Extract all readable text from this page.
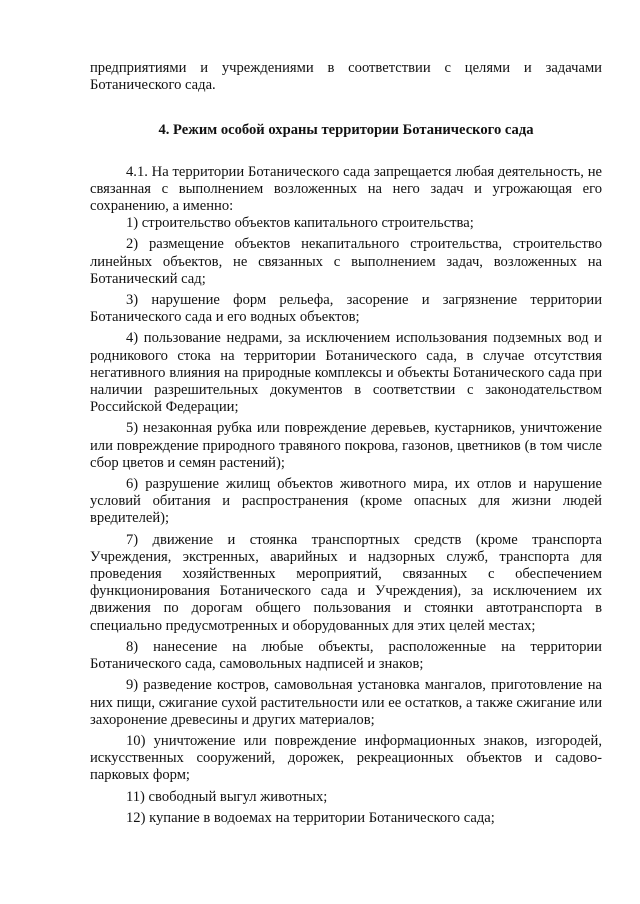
предприятиями и учреждениями в соответствии с целями и задачами Ботанического сада.

4. Режим особой охраны территории Ботанического сада

4.1. На территории Ботанического сада запрещается любая деятельность, не связанная с выполнением возложенных на него задач и угрожающая его сохранению, а именно:

1) строительство объектов капитального строительства;

2) размещение объектов некапитального строительства, строительство линейных объектов, не связанных с выполнением задач, возложенных на Ботанический сад;

3) нарушение форм рельефа, засорение и загрязнение территории Ботанического сада и его водных объектов;

4) пользование недрами, за исключением использования подземных вод и родникового стока на территории Ботанического сада, в случае отсутствия негативного влияния на природные комплексы и объекты Ботанического сада при наличии разрешительных документов в соответствии с законодательством Российской Федерации;

5) незаконная рубка или повреждение деревьев, кустарников, уничтожение или повреждение природного травяного покрова, газонов, цветников (в том числе сбор цветов и семян растений);

6) разрушение жилищ объектов животного мира, их отлов и нарушение условий обитания и распространения (кроме опасных для жизни людей вредителей);

7) движение и стоянка транспортных средств (кроме транспорта Учреждения, экстренных, аварийных и надзорных служб, транспорта для проведения хозяйственных мероприятий, связанных с обеспечением функционирования Ботанического сада и Учреждения), за исключением их движения по дорогам общего пользования и стоянки автотранспорта в специально предусмотренных и оборудованных для этих целей местах;

8) нанесение на любые объекты, расположенные на территории Ботанического сада, самовольных надписей и знаков;

9) разведение костров, самовольная установка мангалов, приготовление на них пищи, сжигание сухой растительности или ее остатков, а также сжигание или захоронение древесины и других материалов;

10) уничтожение или повреждение информационных знаков, изгородей, искусственных сооружений, дорожек, рекреационных объектов и садово-парковых форм;

11) свободный выгул животных;

12) купание в водоемах на территории Ботанического сада;
